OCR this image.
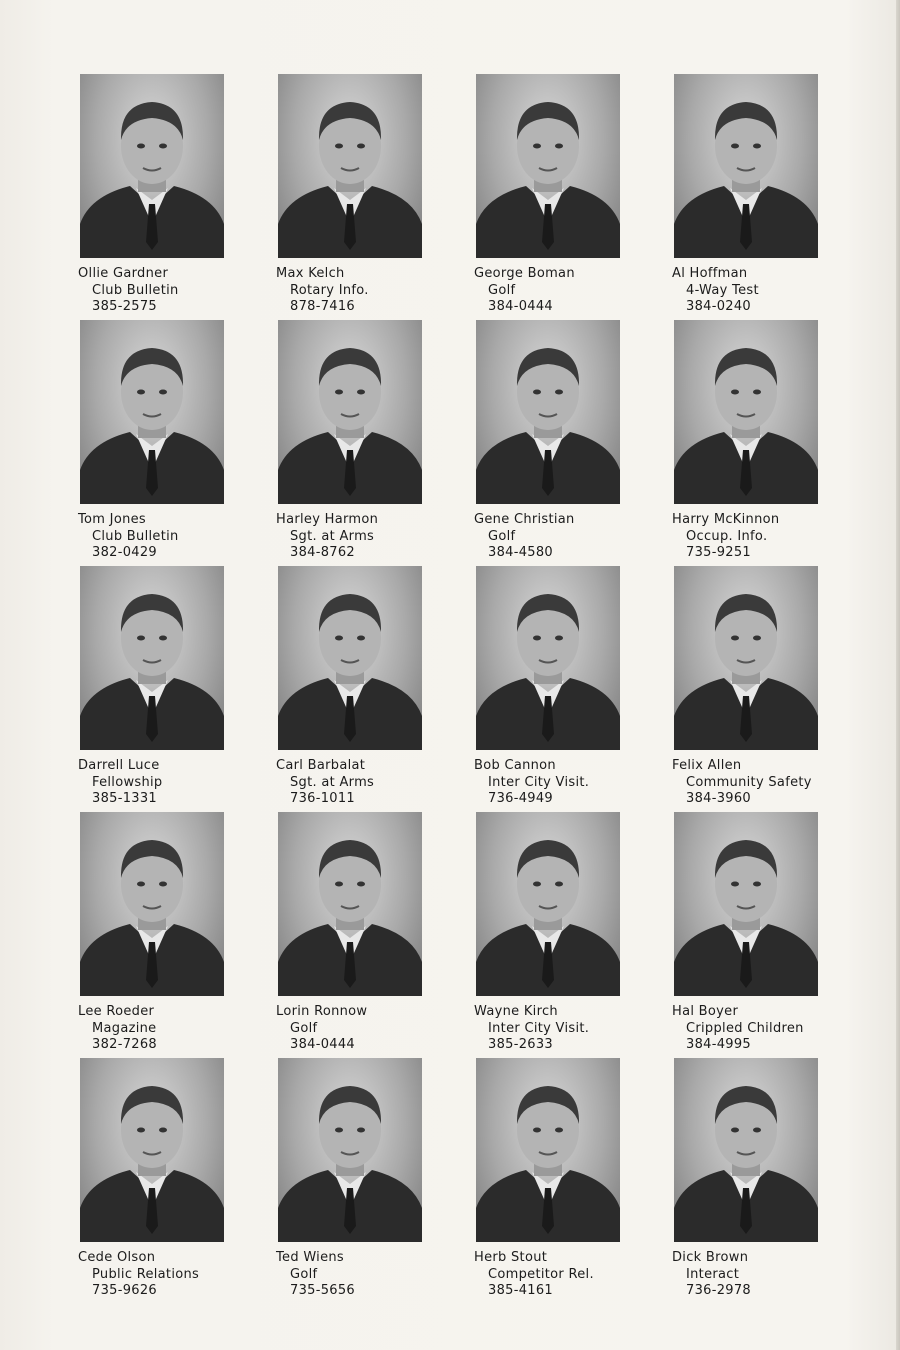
Ollie Gardner
Club Bulletin
385-2575
Max Kelch
Rotary Info.
878-7416
George Boman
Golf
384-0444
Al Hoffman
4-Way Test
384-0240
Tom Jones
Club Bulletin
382-0429
Harley Harmon
Sgt. at Arms
384-8762
Gene Christian
Golf
384-4580
Harry McKinnon
Occup. Info.
735-9251
Darrell Luce
Fellowship
385-1331
Carl Barbalat
Sgt. at Arms
736-1011
Bob Cannon
Inter City Visit.
736-4949
Felix Allen
Community Safety
384-3960
Lee Roeder
Magazine
382-7268
Lorin Ronnow
Golf
384-0444
Wayne Kirch
Inter City Visit.
385-2633
Hal Boyer
Crippled Children
384-4995
Cede Olson
Public Relations
735-9626
Ted Wiens
Golf
735-5656
Herb Stout
Competitor Rel.
385-4161
Dick Brown
Interact
736-2978
